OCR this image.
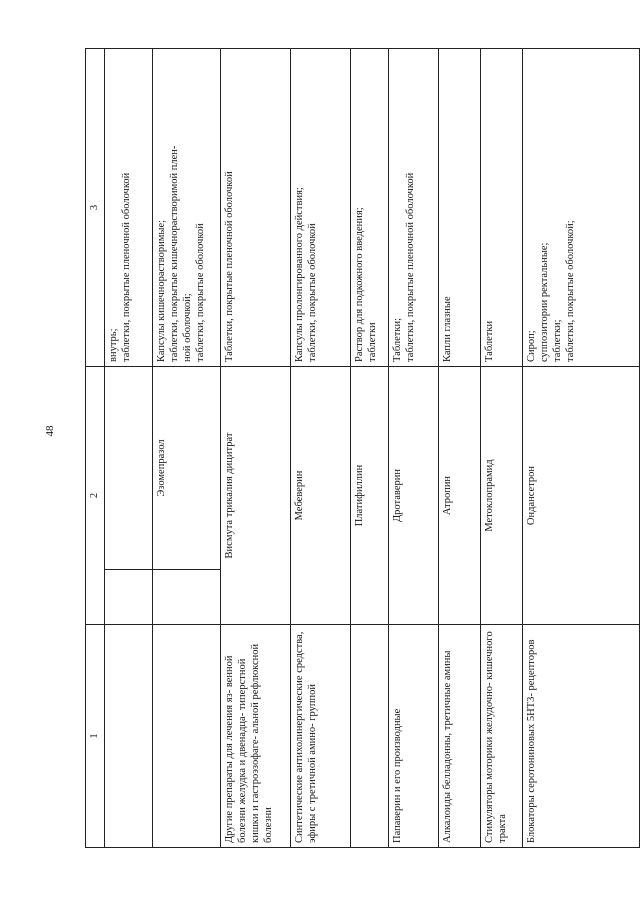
48
1	2	3

		внутрь; таблетки, покрытые пленочной оболочкой

	Эзомепразол	Капсулы кишечнорастворимые; таблетки, покрытые кишечнорастворимой плен- ной оболочкой; таблетки, покрытые оболочкой

Другие препараты для лечения яз- венной болезни желудка и двенадца- типерстной кишки и гастроэзофаге- альной рефлюксной болезни	Висмута трикалия дицитрат	Таблетки, покрытые пленочной оболочкой

Синтетические антихолинергические средства, эфиры с третичной амино- группой	Мебеверин	Капсулы пролонгированного действия; таблетки, покрытые оболочкой

	Платифиллин	Раствор для подкожного введения; таблетки

Папаверин и его производные	Дротаверин	Таблетки; таблетки, покрытые пленочной оболочкой

Алкалоиды белладонны, третичные амины	Атропин	Капли глазные

Стимуляторы моторики желудочно- кишечного тракта	Метоклопрамид	Таблетки

Блокаторы серотониновых 5НТ3- рецепторов	Ондансетрон	Сироп; суппозитории ректальные; таблетки; таблетки, покрытые оболочкой;
